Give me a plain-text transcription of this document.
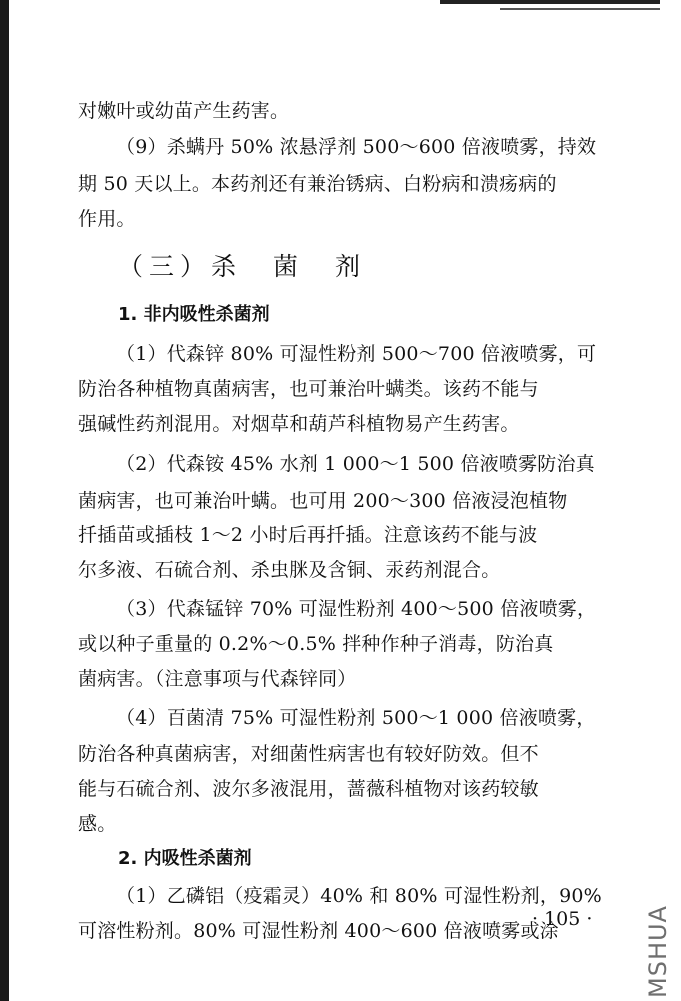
对嫩叶或幼苗产生药害。
（9）杀螨丹 50% 浓悬浮剂 500～600 倍液喷雾，持效
期 50 天以上。本药剂还有兼治锈病、白粉病和溃疡病的
作用。
（三）杀　菌　剂
1. 非内吸性杀菌剂
（1）代森锌 80% 可湿性粉剂 500～700 倍液喷雾，可
防治各种植物真菌病害，也可兼治叶螨类。该药不能与
强碱性药剂混用。对烟草和葫芦科植物易产生药害。
（2）代森铵 45% 水剂 1 000～1 500 倍液喷雾防治真
菌病害，也可兼治叶螨。也可用 200～300 倍液浸泡植物
扦插苗或插枝 1～2 小时后再扦插。注意该药不能与波
尔多液、石硫合剂、杀虫脒及含铜、汞药剂混合。
（3）代森锰锌 70% 可湿性粉剂 400～500 倍液喷雾，
或以种子重量的 0.2%～0.5% 拌种作种子消毒，防治真
菌病害。（注意事项与代森锌同）
（4）百菌清 75% 可湿性粉剂 500～1 000 倍液喷雾，
防治各种真菌病害，对细菌性病害也有较好防效。但不
能与石硫合剂、波尔多液混用，蔷薇科植物对该药较敏
感。
2. 内吸性杀菌剂
（1）乙磷铝（疫霜灵）40% 和 80% 可湿性粉剂，90%
可溶性粉剂。80% 可湿性粉剂 400～600 倍液喷雾或涂
· 105 · MSHUA
